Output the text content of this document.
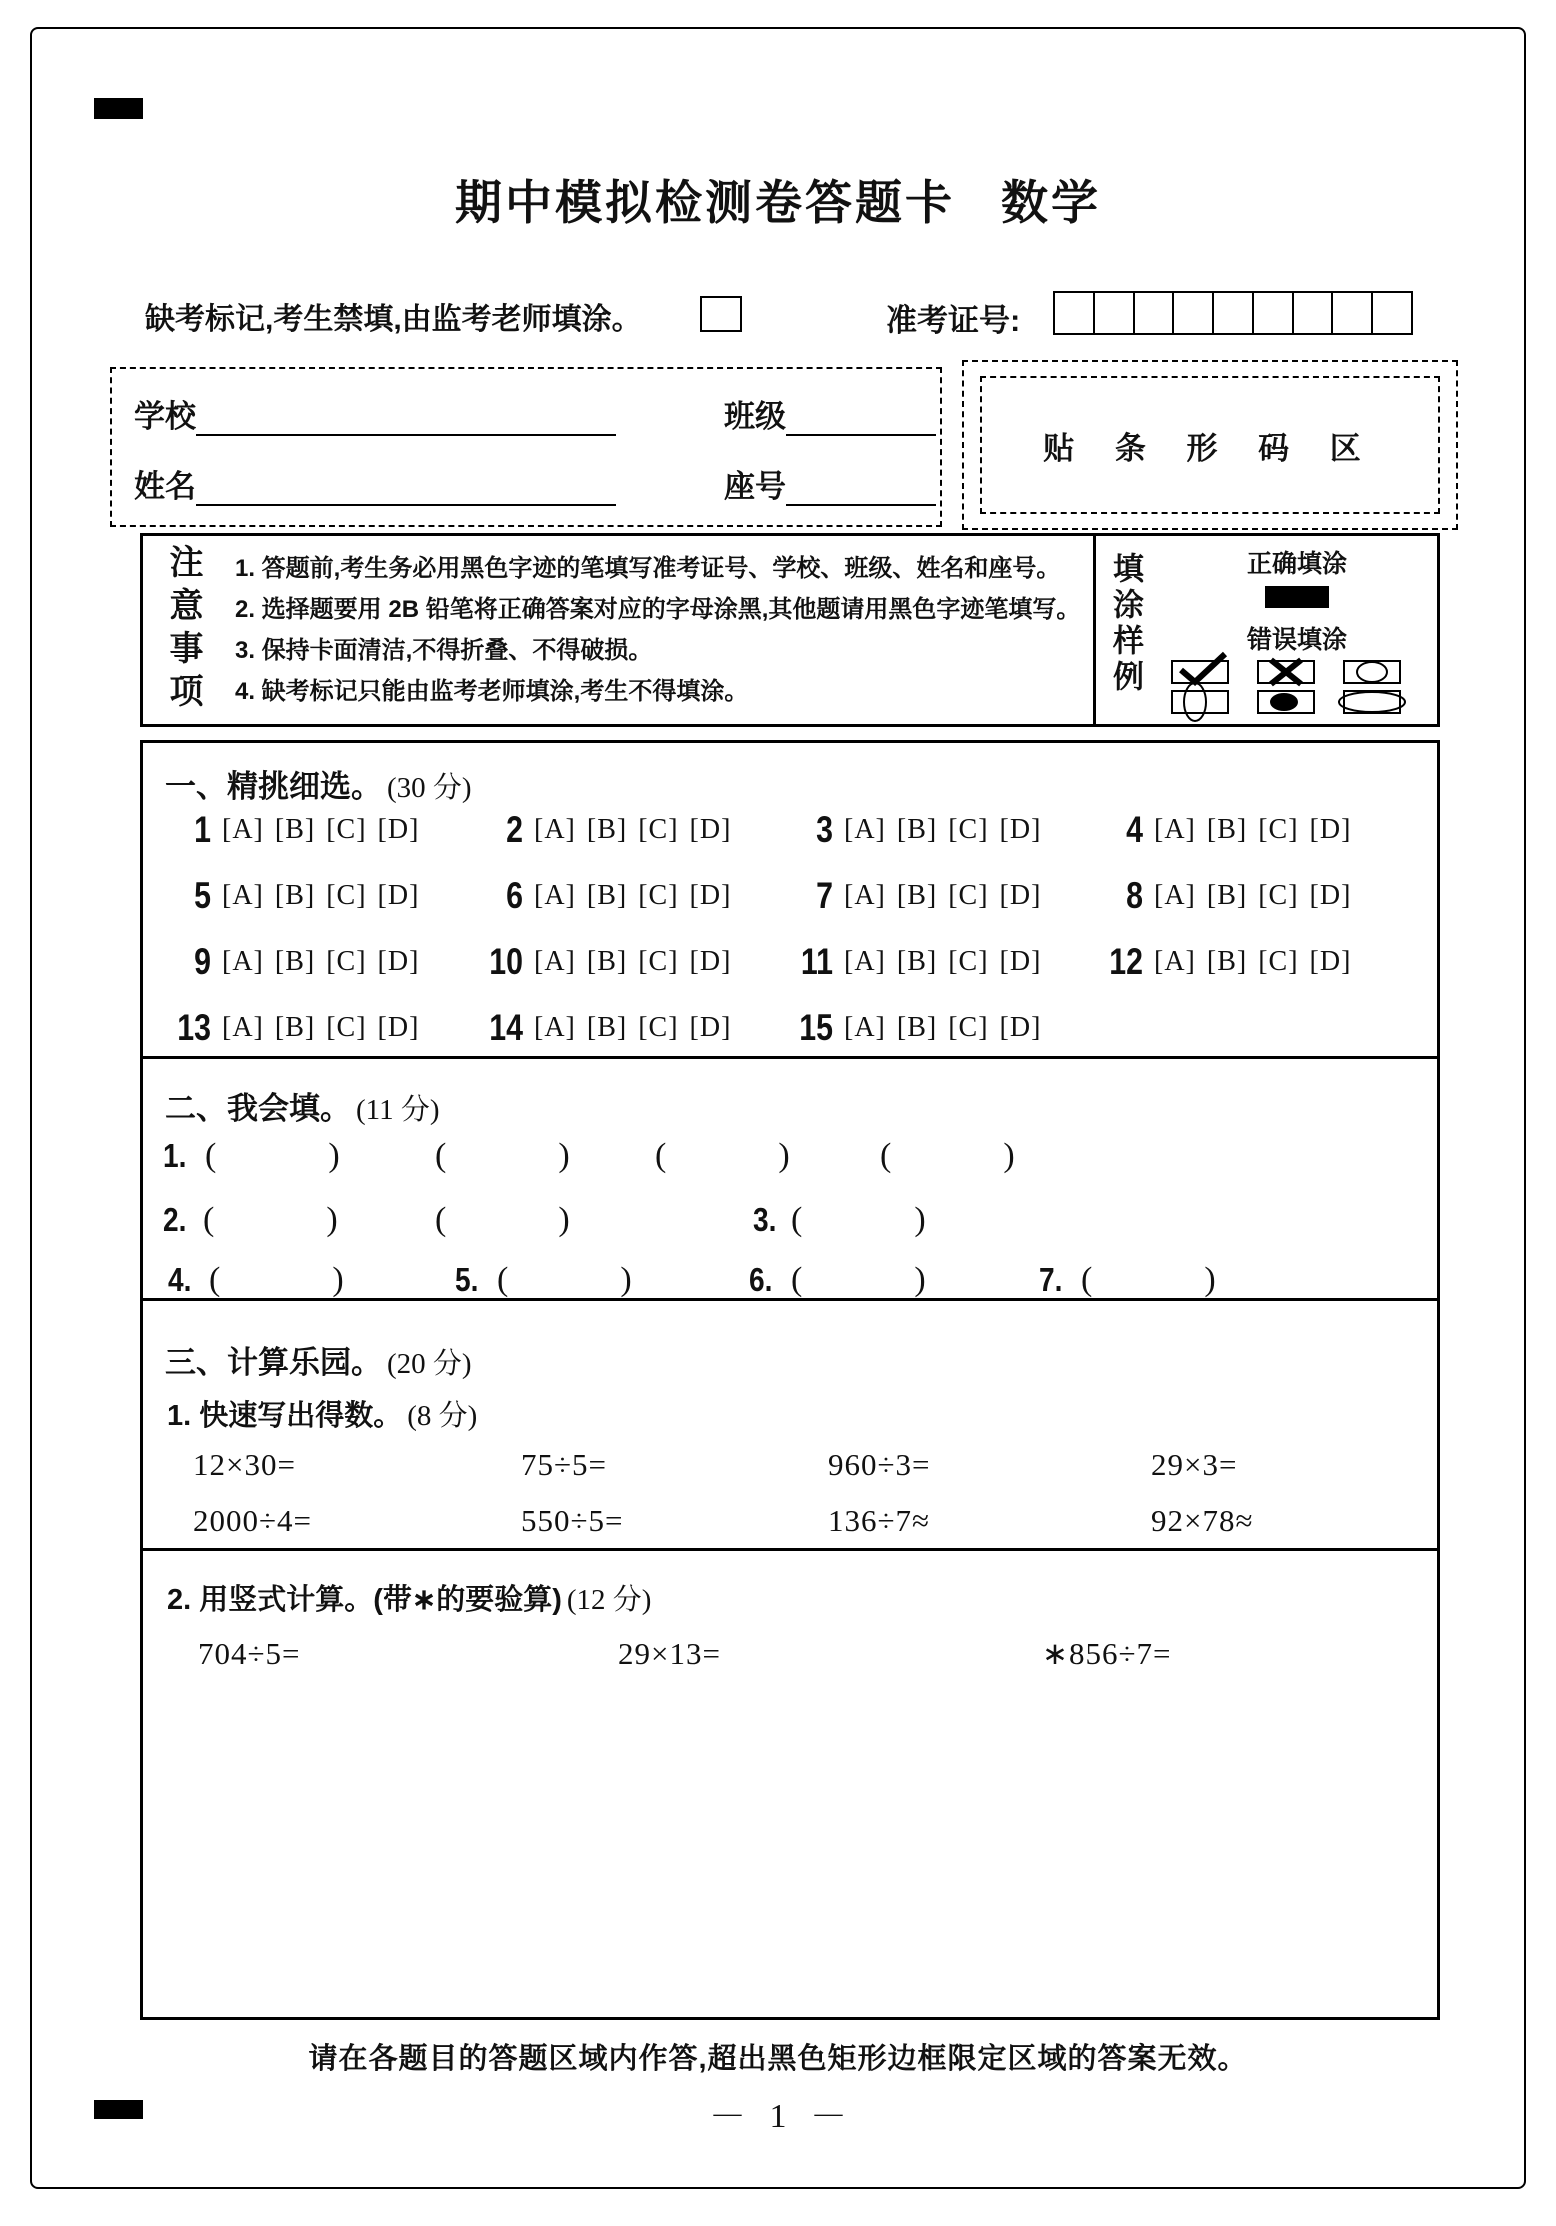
期中模拟检测卷答题卡 数学
缺考标记,考生禁填,由监考老师填涂。	准考证号:
学校	班级
姓名	座号
贴 条 形 码 区
注意事项 1. 答题前,考生务必用黑色字迹的笔填写准考证号、学校、班级、姓名和座号。
2. 选择题要用 2B 铅笔将正确答案对应的字母涂黑,其他题请用黑色字迹笔填写。
3. 保持卡面清洁,不得折叠、不得破损。
4. 缺考标记只能由监考老师填涂,考生不得填涂。	填涂样例	正确填涂
错误填涂
一、精挑细选。 (30 分)
1 [A] [B] [C] [D]	2 [A] [B] [C] [D]	3 [A] [B] [C] [D]	4 [A] [B] [C] [D]
5 [A] [B] [C] [D]	6 [A] [B] [C] [D]	7 [A] [B] [C] [D]	8 [A] [B] [C] [D]
9 [A] [B] [C] [D] 10 [A] [B] [C] [D] 11 [A] [B] [C] [D] 12 [A] [B] [C] [D]
13 [A] [B] [C] [D] 14 [A] [B] [C] [D] 15 [A] [B] [C] [D]
二、我会填。 (11 分)
1. (	)	(	)	(	)	(	)
2. (	)	(	)	3. (	)
4. (	)	5. (	)	6. (	)	7. (	)
三、计算乐园。 (20 分)
1. 快速写出得数。 (8 分)
12×30=	75÷5=	960÷3=	29×3=
2000÷4=	550÷5=	136÷7≈	92×78≈
2. 用竖式计算。(带∗的要验算) (12 分)
704÷5=	29×13=	∗856÷7=
请在各题目的答题区域内作答,超出黑色矩形边框限定区域的答案无效。
— 1 —
